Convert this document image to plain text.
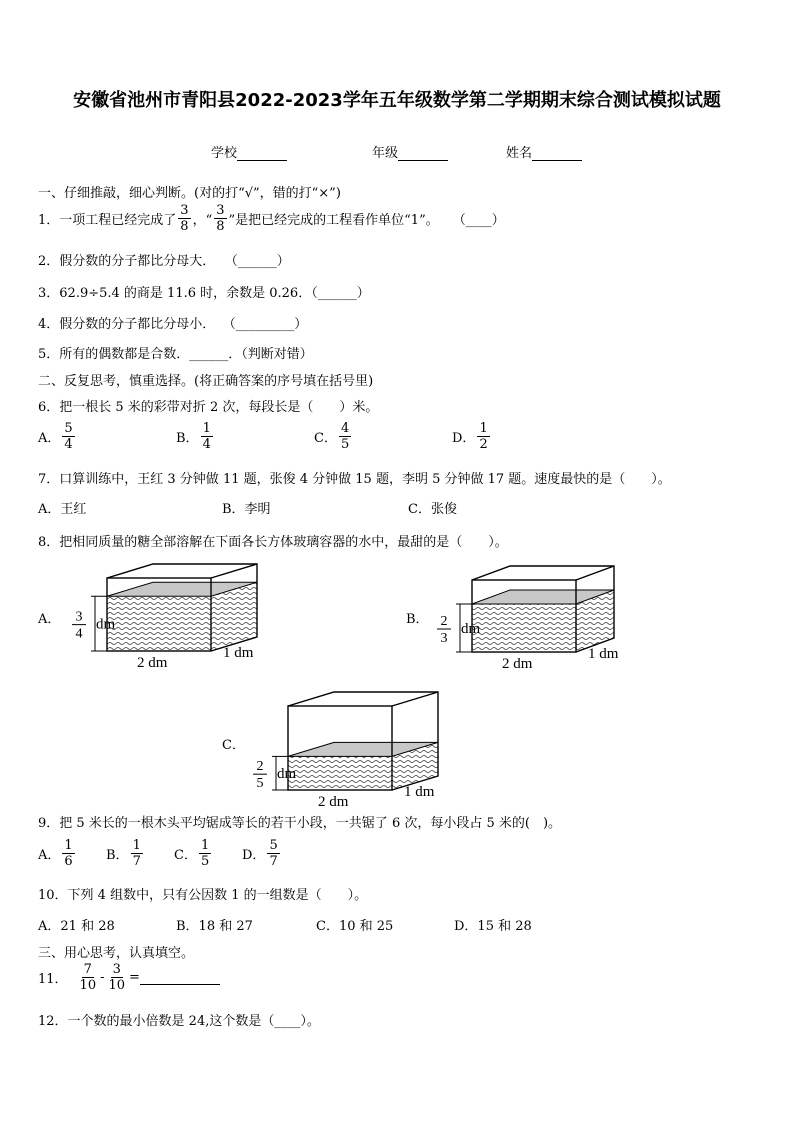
安徽省池州市青阳县2022-2023学年五年级数学第二学期期末综合测试模拟试题
学校	年级	姓名
一、仔细推敲，细心判断。(对的打“√”，错的打“×”)
1． 一项工程已经完成了 $\frac{3}{8}$ ，“ $\frac{3}{8}$ ”是把已经完成的工程看作单位“1”。 （____）
2．假分数的分子都比分母大． （______）
3．62.9÷5.4 的商是 11.6 时，余数是 0.26．（______）
4．假分数的分子都比分母小． （_________）
5．所有的偶数都是合数．______．（判断对错）
二、反复思考，慎重选择。(将正确答案的序号填在括号里)
6．把一根长 5 米的彩带对折 2 次，每段长是（　　）米。
A． $\frac{5}{4}$	B． $\frac{1}{4}$	C． $\frac{4}{5}$	D． $\frac{1}{2}$
7．口算训练中，王红 3 分钟做 11 题，张俊 4 分钟做 15 题，李明 5 分钟做 17 题。速度最快的是（　　）。
A．王红	B．李明	C．张俊
8．把相同质量的糖全部溶解在下面各长方体玻璃容器的水中，最甜的是（　　）。
A． 3
4
dm
2 dm
1 dm
B． 2
3
dm
2 dm
1 dm
C．
2
5
dm
2 dm
1 dm
9．把 5 米长的一根木头平均锯成等长的若干小段，一共锯了 6 次，每小段占 5 米的(　)。
A． $\frac{1}{6}$ B． $\frac{1}{7}$ C． $\frac{1}{5}$ D． $\frac{5}{7}$
10．下列 4 组数中，只有公因数 1 的一组数是（　　）。
A．21 和 28	B．18 和 27	C．10 和 25	D．15 和 28
三、用心思考，认真填空。
11． $\frac{7}{10} - \frac{3}{10}$ =
12．一个数的最小倍数是 24,这个数是（____）。
